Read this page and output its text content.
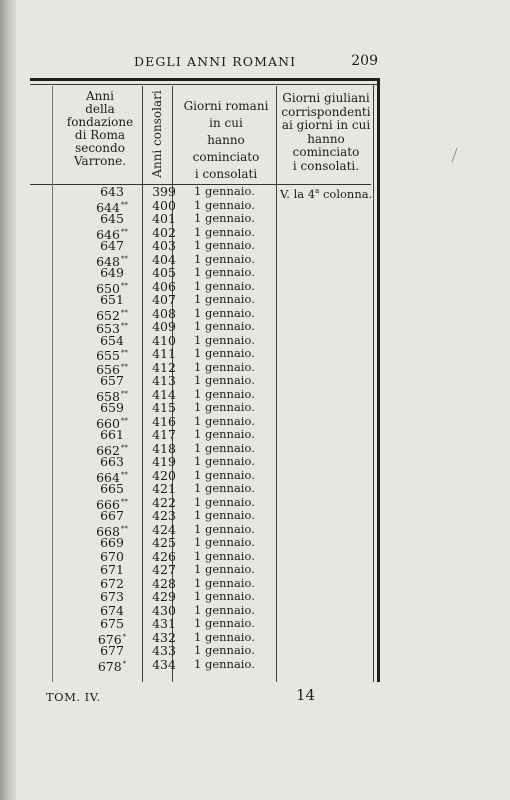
DEGLI ANNI ROMANI	209
Anni
della
fondazione
di Roma
secondo
Varrone.	Anni consolari	Giorni romani
in cui
hanno cominciato
i consolati
Giorni giuliani
corrispondenti
ai giorni in cui
hanno cominciato
i consolati.
643	399 1 gennaio.	V. la 4$^a$ colonna.
644**	400 1 gennaio.
645	401 1 gennaio.
646**	402 1 gennaio.
647	403 1 gennaio.
648**	404 1 gennaio.
649	405 1 gennaio.
650**	406 1 gennaio.
651	407 1 gennaio.
652**	408 1 gennaio.
653**	409 1 gennaio.
654	410 1 gennaio.
655**	411 1 gennaio.
656**	412 1 gennaio.
657	413 1 gennaio.
658**	414 1 gennaio.
659	415 1 gennaio.
660**	416 1 gennaio.
661	417 1 gennaio.
662**	418 1 gennaio.
663	419 1 gennaio.
664**	420 1 gennaio.
665	421 1 gennaio.
666**	422 1 gennaio.
667	423 1 gennaio.
668**	424 1 gennaio.
669	425 1 gennaio.
670	426 1 gennaio.
671	427 1 gennaio.
672	428 1 gennaio.
673	429 1 gennaio.
674	430 1 gennaio.
675	431 1 gennaio.
676*	432 1 gennaio.
677	433 1 gennaio.
678*	434 1 gennaio.
TOM. IV.	14
